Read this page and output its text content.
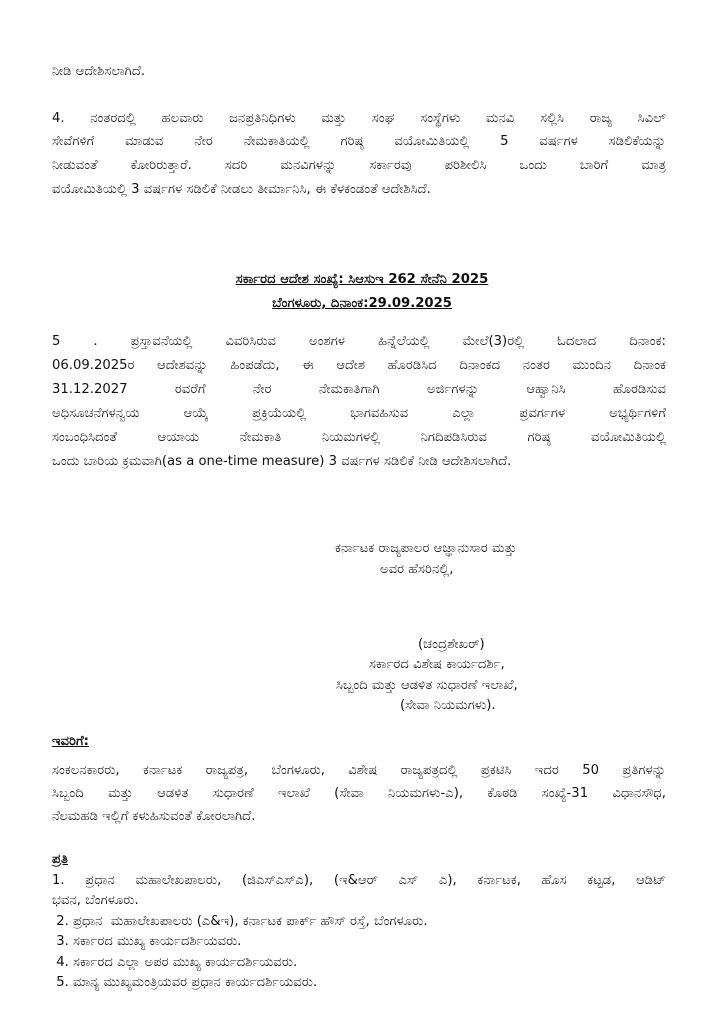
ನೀಡಿ ಆದೇಶಿಸಲಾಗಿದೆ.
4. ನಂತರದಲ್ಲಿ ಹಲವಾರು ಜನಪ್ರತಿನಿಧಿಗಳು ಮತ್ತು ಸಂಘ ಸಂಸ್ಥೆಗಳು ಮನವಿ ಸಲ್ಲಿಸಿ ರಾಜ್ಯ ಸಿವಿಲ್
ಸೇವೆಗಳಿಗೆ ಮಾಡುವ ನೇರ ನೇಮಕಾತಿಯಲ್ಲಿ ಗರಿಷ್ಠ ವಯೋಮಿತಿಯಲ್ಲಿ 5 ವರ್ಷಗಳ ಸಡಿಲಿಕೆಯನ್ನು
ನೀಡುವಂತೆ ಕೋರಿರುತ್ತಾರೆ. ಸದರಿ ಮನವಿಗಳನ್ನು ಸರ್ಕಾರವು ಪರಿಶೀಲಿಸಿ ಒಂದು ಬಾರಿಗೆ ಮಾತ್ರ
ವಯೋಮಿತಿಯಲ್ಲಿ 3 ವರ್ಷಗಳ ಸಡಿಲಿಕೆ ನೀಡಲು ತೀರ್ಮಾನಿಸಿ, ಈ ಕೆಳಕಂಡಂತೆ ಆದೇಶಿಸಿದೆ.
ಸರ್ಕಾರದ ಆದೇಶ ಸಂಖ್ಯೆ: ಸಿಆಸುಇ 262 ಸೇನೆನಿ 2025
ಬೆಂಗಳೂರು, ದಿನಾಂಕ:29.09.2025
5 . ಪ್ರಸ್ತಾವನೆಯಲ್ಲಿ ವಿವರಿಸಿರುವ ಅಂಶಗಳ ಹಿನ್ನೆಲೆಯಲ್ಲಿ ಮೇಲೆ(3)ರಲ್ಲಿ ಓದಲಾದ ದಿನಾಂಕ:
06.09.2025ರ ಆದೇಶವನ್ನು ಹಿಂಪಡೆದು, ಈ ಆದೇಶ ಹೊರಡಿಸಿದ ದಿನಾಂಕದ ನಂತರ ಮುಂದಿನ ದಿನಾಂಕ
31.12.2027 ರವರೆಗೆ ನೇರ ನೇಮಕಾತಿಗಾಗಿ ಅರ್ಜಿಗಳನ್ನು ಆಹ್ವಾನಿಸಿ ಹೊರಡಿಸುವ
ಅಧಿಸೂಚನೆಗಳನ್ವಯ ಆಯ್ಕೆ ಪ್ರಕ್ರಿಯೆಯಲ್ಲಿ ಭಾಗವಹಿಸುವ ಎಲ್ಲಾ ಪ್ರವರ್ಗಗಳ ಅಭ್ಯರ್ಥಿಗಳಿಗೆ
ಸಂಬಂಧಿಸಿದಂತೆ ಆಯಾಯ ನೇಮಕಾತಿ ನಿಯಮಗಳಲ್ಲಿ ನಿಗದಿಪಡಿಸಿರುವ ಗರಿಷ್ಠ ವಯೋಮಿತಿಯಲ್ಲಿ
ಒಂದು ಬಾರಿಯ ಕ್ರಮವಾಗಿ(as a one-time measure) 3 ವರ್ಷಗಳ ಸಡಿಲಿಕೆ ನೀಡಿ ಆದೇಶಿಸಲಾಗಿದೆ.
ಕರ್ನಾಟಕ ರಾಜ್ಯಪಾಲರ ಆಜ್ಞಾನುಸಾರ ಮತ್ತು
ಅವರ ಹೆಸರಿನಲ್ಲಿ,
(ಚಂದ್ರಶೇಖರ್)
ಸರ್ಕಾರದ ವಿಶೇಷ ಕಾರ್ಯದರ್ಶಿ,
ಸಿಬ್ಬಂದಿ ಮತ್ತು ಆಡಳಿತ ಸುಧಾರಣೆ ಇಲಾಖೆ,
(ಸೇವಾ ನಿಯಮಗಳು).
ಇವರಿಗೆ:
ಸಂಕಲನಕಾರರು, ಕರ್ನಾಟಕ ರಾಜ್ಯಪತ್ರ, ಬೆಂಗಳೂರು, ವಿಶೇಷ ರಾಜ್ಯಪತ್ರದಲ್ಲಿ ಪ್ರಕಟಿಸಿ ಇದರ 50 ಪ್ರತಿಗಳನ್ನು
ಸಿಬ್ಬಂದಿ ಮತ್ತು ಆಡಳಿತ ಸುಧಾರಣೆ ಇಲಾಖೆ (ಸೇವಾ ನಿಯಮಗಳು-ಎ), ಕೊಠಡಿ ಸಂಖ್ಯೆ-31 ವಿಧಾನಸೌಧ,
ನೆಲಮಹಡಿ ಇಲ್ಲಿಗೆ ಕಳುಹಿಸುವಂತೆ ಕೋರಲಾಗಿದೆ.
ಪ್ರತಿ
1. ಪ್ರಧಾನ ಮಹಾಲೇಖಪಾಲರು, (ಜಿಎಸ್‌ಎಸ್‌ಎ), (ಇ&ಆರ್ ಎಸ್ ಎ), ಕರ್ನಾಟಕ, ಹೊಸ ಕಟ್ಟಡ, ಆಡಿಟ್
ಭವನ, ಬೆಂಗಳೂರು.
2. ಪ್ರಧಾನ  ಮಹಾಲೇಖಪಾಲರು (ಎ&ಇ), ಕರ್ನಾಟಕ ಪಾರ್ಕ್ ಹೌಸ್ ರಸ್ತೆ, ಬೆಂಗಳೂರು.
3. ಸರ್ಕಾರದ ಮುಖ್ಯ ಕಾರ್ಯದರ್ಶಿಯವರು.
4. ಸರ್ಕಾರದ ಎಲ್ಲಾ ಅಪರ ಮುಖ್ಯ ಕಾರ್ಯದರ್ಶಿಯವರು.
5. ಮಾನ್ಯ ಮುಖ್ಯಮಂತ್ರಿಯವರ ಪ್ರಧಾನ ಕಾರ್ಯದರ್ಶಿಯವರು.
